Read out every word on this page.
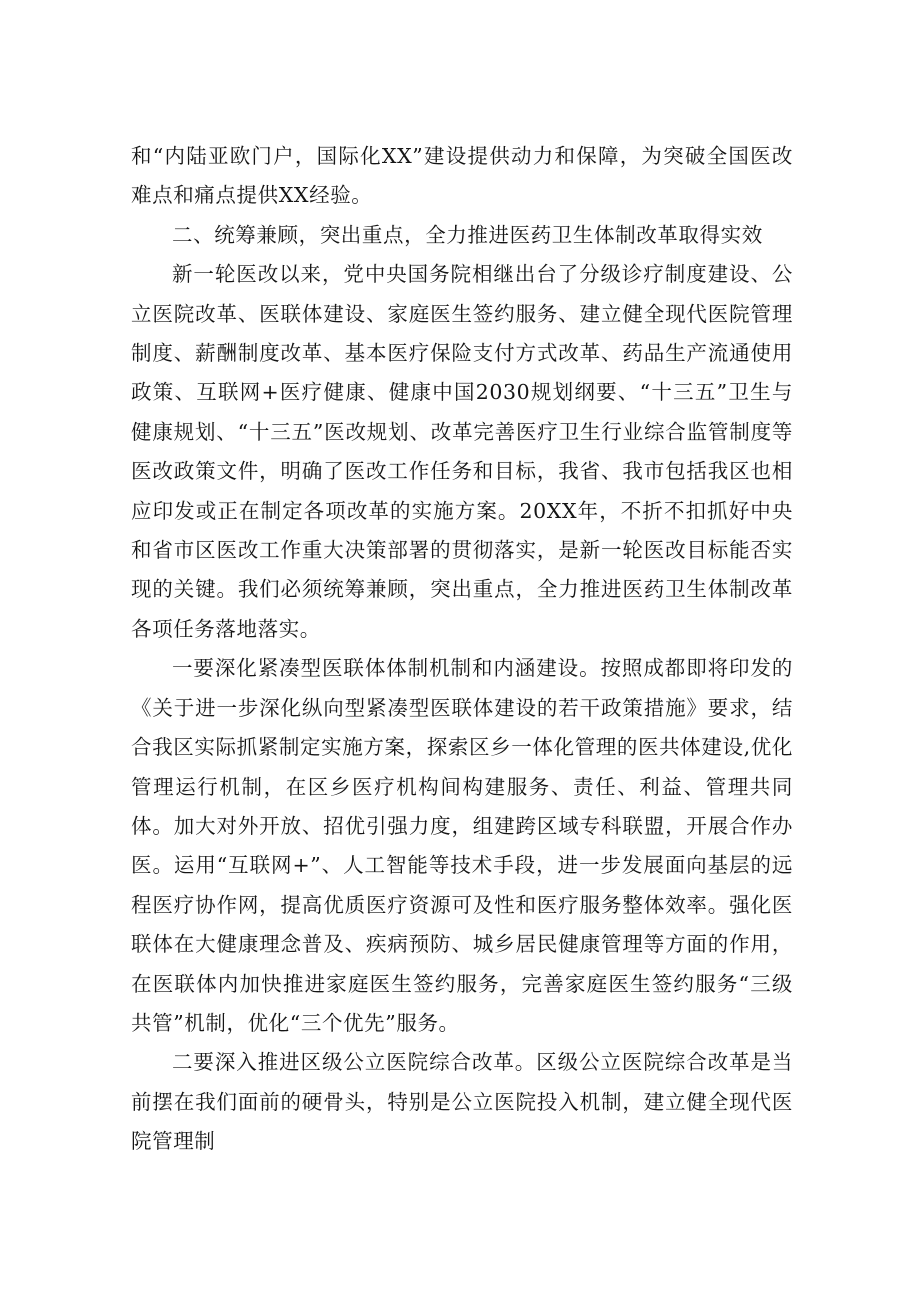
和“内陆亚欧门户，国际化XX”建设提供动力和保障，为突破全国医改难点和痛点提供XX经验。

二、统筹兼顾，突出重点，全力推进医药卫生体制改革取得实效

新一轮医改以来，党中央国务院相继出台了分级诊疗制度建设、公立医院改革、医联体建设、家庭医生签约服务、建立健全现代医院管理制度、薪酬制度改革、基本医疗保险支付方式改革、药品生产流通使用政策、互联网+医疗健康、健康中国2030规划纲要、“十三五”卫生与健康规划、“十三五”医改规划、改革完善医疗卫生行业综合监管制度等医改政策文件，明确了医改工作任务和目标，我省、我市包括我区也相应印发或正在制定各项改革的实施方案。20XX年，不折不扣抓好中央和省市区医改工作重大决策部署的贯彻落实，是新一轮医改目标能否实现的关键。我们必须统筹兼顾，突出重点，全力推进医药卫生体制改革各项任务落地落实。

一要深化紧凑型医联体体制机制和内涵建设。按照成都即将印发的《关于进一步深化纵向型紧凑型医联体建设的若干政策措施》要求，结合我区实际抓紧制定实施方案，探索区乡一体化管理的医共体建设,优化管理运行机制，在区乡医疗机构间构建服务、责任、利益、管理共同体。加大对外开放、招优引强力度，组建跨区域专科联盟，开展合作办医。运用“互联网+”、人工智能等技术手段，进一步发展面向基层的远程医疗协作网，提高优质医疗资源可及性和医疗服务整体效率。强化医联体在大健康理念普及、疾病预防、城乡居民健康管理等方面的作用，在医联体内加快推进家庭医生签约服务，完善家庭医生签约服务“三级共管”机制，优化“三个优先”服务。

二要深入推进区级公立医院综合改革。区级公立医院综合改革是当前摆在我们面前的硬骨头，特别是公立医院投入机制，建立健全现代医院管理制
